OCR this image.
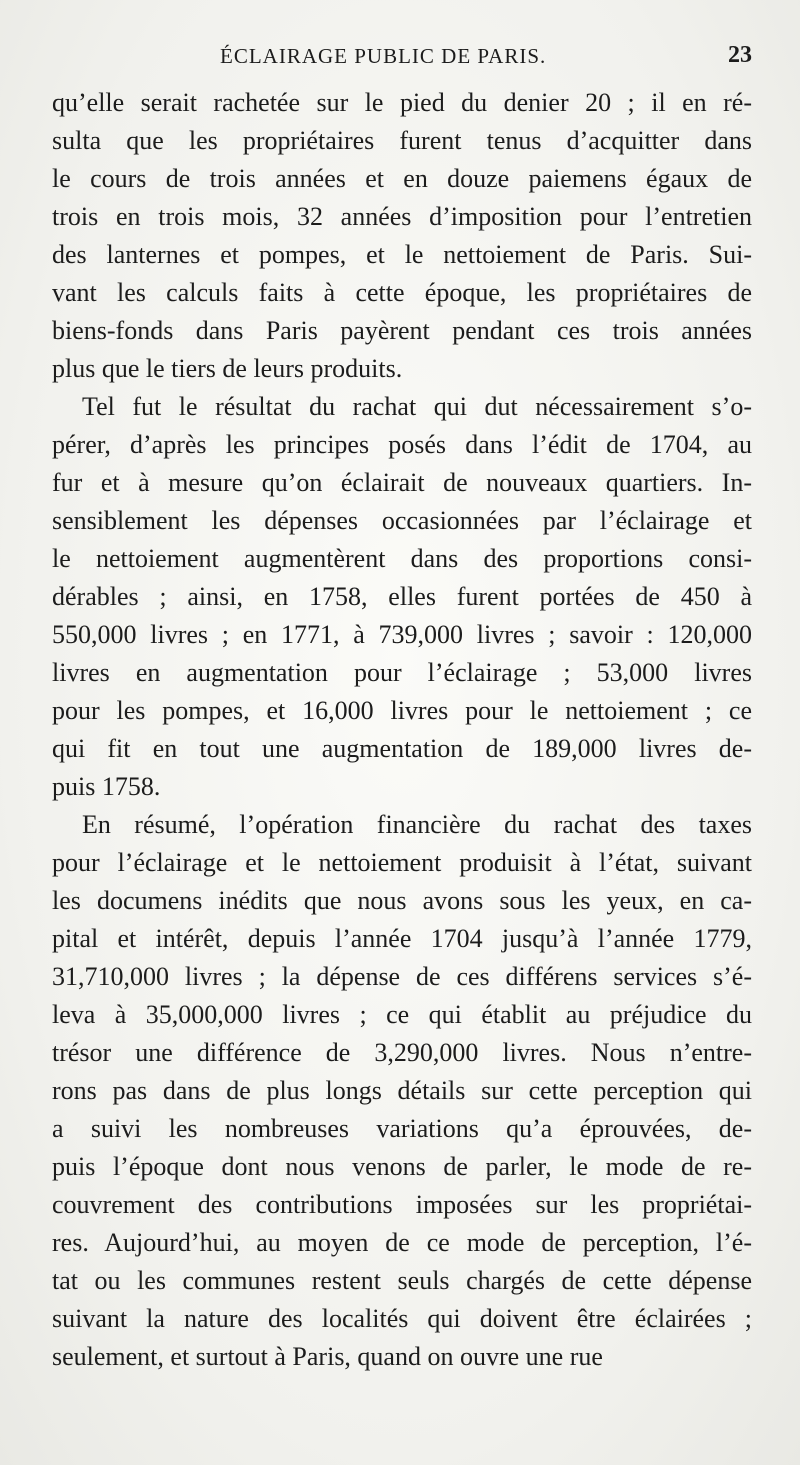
ÉCLAIRAGE PUBLIC DE PARIS.	23
qu’elle serait rachetée sur le pied du denier 20 ; il en ré-
sulta que les propriétaires furent tenus d’acquitter dans
le cours de trois années et en douze paiemens égaux de
trois en trois mois, 32 années d’imposition pour l’entretien
des lanternes et pompes, et le nettoiement de Paris. Sui-
vant les calculs faits à cette époque, les propriétaires de
biens-fonds dans Paris payèrent pendant ces trois années
plus que le tiers de leurs produits.
Tel fut le résultat du rachat qui dut nécessairement s’o-
pérer, d’après les principes posés dans l’édit de 1704, au
fur et à mesure qu’on éclairait de nouveaux quartiers. In-
sensiblement les dépenses occasionnées par l’éclairage et
le nettoiement augmentèrent dans des proportions consi-
dérables ; ainsi, en 1758, elles furent portées de 450 à
550,000 livres ; en 1771, à 739,000 livres ; savoir : 120,000
livres en augmentation pour l’éclairage ; 53,000 livres
pour les pompes, et 16,000 livres pour le nettoiement ; ce
qui fit en tout une augmentation de 189,000 livres de-
puis 1758.
En résumé, l’opération financière du rachat des taxes
pour l’éclairage et le nettoiement produisit à l’état, suivant
les documens inédits que nous avons sous les yeux, en ca-
pital et intérêt, depuis l’année 1704 jusqu’à l’année 1779,
31,710,000 livres ; la dépense de ces différens services s’é-
leva à 35,000,000 livres ; ce qui établit au préjudice du
trésor une différence de 3,290,000 livres. Nous n’entre-
rons pas dans de plus longs détails sur cette perception qui
a suivi les nombreuses variations qu’a éprouvées, de-
puis l’époque dont nous venons de parler, le mode de re-
couvrement des contributions imposées sur les propriétai-
res. Aujourd’hui, au moyen de ce mode de perception, l’é-
tat ou les communes restent seuls chargés de cette dépense
suivant la nature des localités qui doivent être éclairées ;
seulement, et surtout à Paris, quand on ouvre une rue
